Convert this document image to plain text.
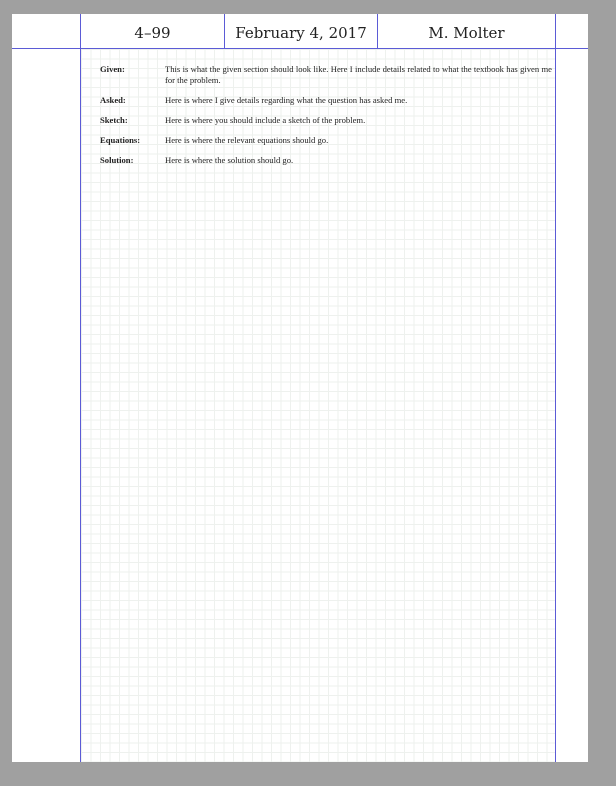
4–99	February 4, 2017	M. Molter
Given:	This is what the given section should look like. Here I include details related to what the textbook has given me for the problem.
Asked:	Here is where I give details regarding what the question has asked me.
Sketch:	Here is where you should include a sketch of the problem.
Equations:	Here is where the relevant equations should go.
Solution:	Here is where the solution should go.
